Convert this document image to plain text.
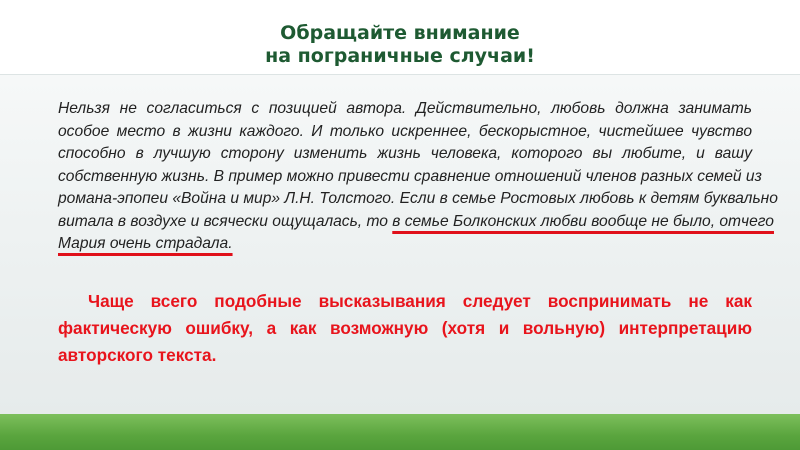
Обращайте внимание
на пограничные случаи!
Нельзя не согласиться с позицией автора. Действительно, любовь должна занимать
особое место в жизни каждого. И только искреннее, бескорыстное, чистейшее чувство
способно в лучшую сторону изменить жизнь человека, которого вы любите, и вашу
собственную жизнь. В пример можно привести сравнение отношений членов разных семей из
романа-эпопеи «Война и мир» Л.Н. Толстого. Если в семье Ростовых любовь к детям буквально
витала в воздухе и всячески ощущалась, то в семье Болконских любви вообще не было, отчего
Мария очень страдала.
Чаще всего подобные высказывания следует воспринимать не как
фактическую ошибку, а как возможную (хотя и вольную) интерпретацию
авторского текста.
